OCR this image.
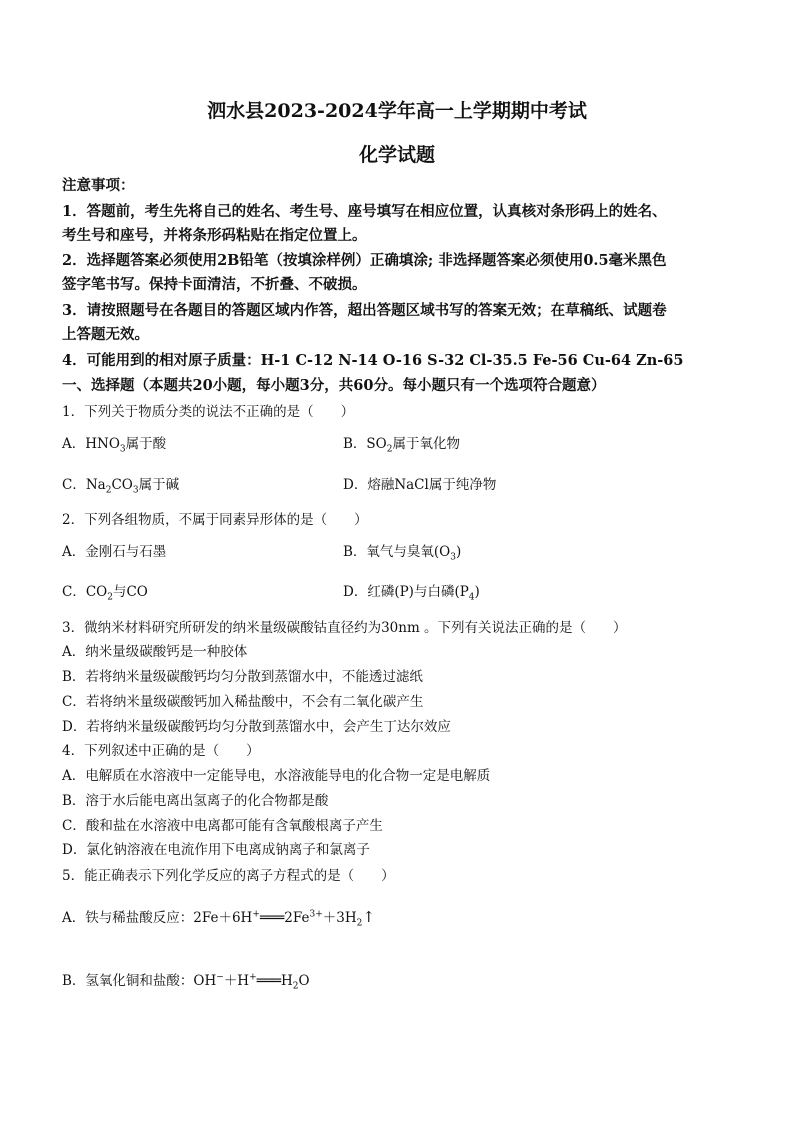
泗水县2023-2024学年高一上学期期中考试
化学试题
注意事项：
1．答题前，考生先将自己的姓名、考生号、座号填写在相应位置，认真核对条形码上的姓名、
考生号和座号，并将条形码粘贴在指定位置上。
2．选择题答案必须使用2B铅笔（按填涂样例）正确填涂; 非选择题答案必须使用0.5毫米黑色
签字笔书写。保持卡面清洁，不折叠、不破损。
3．请按照题号在各题目的答题区域内作答，超出答题区域书写的答案无效；在草稿纸、试题卷
上答题无效。
4．可能用到的相对原子质量：H-1 C-12 N-14 O-16 S-32 Cl-35.5 Fe-56 Cu-64 Zn-65
一、选择题（本题共20小题，每小题3分，共60分。每小题只有一个选项符合题意）
1．下列关于物质分类的说法不正确的是（　　）
A．$HNO_3$属于酸	B．$SO_2$属于氧化物
C．$Na_2CO_3$属于碱	D．熔融NaCl属于纯净物
2．下列各组物质，不属于同素异形体的是（　　）
A．金刚石与石墨	B．氧气与臭氧$(O_3)$
C．$CO_2$与CO	D．红磷(P)与白磷$(P_4)$
3．微纳米材料研究所研发的纳米量级碳酸钴直径约为30nm 。下列有关说法正确的是（　　）
A．纳米量级碳酸钙是一种胶体
B．若将纳米量级碳酸钙均匀分散到蒸馏水中，不能透过滤纸
C．若将纳米量级碳酸钙加入稀盐酸中，不会有二氧化碳产生
D．若将纳米量级碳酸钙均匀分散到蒸馏水中，会产生丁达尔效应
4．下列叙述中正确的是（　　）
A．电解质在水溶液中一定能导电，水溶液能导电的化合物一定是电解质
B．溶于水后能电离出氢离子的化合物都是酸
C．酸和盐在水溶液中电离都可能有含氧酸根离子产生
D．氯化钠溶液在电流作用下电离成钠离子和氯离子
5．能正确表示下列化学反应的离子方程式的是（　　）
A．铁与稀盐酸反应：$2Fe+6H^+═══2Fe^{3+}+3H_2↑$
B．氢氧化铜和盐酸：$OH^-+H^+═══H_2O$
